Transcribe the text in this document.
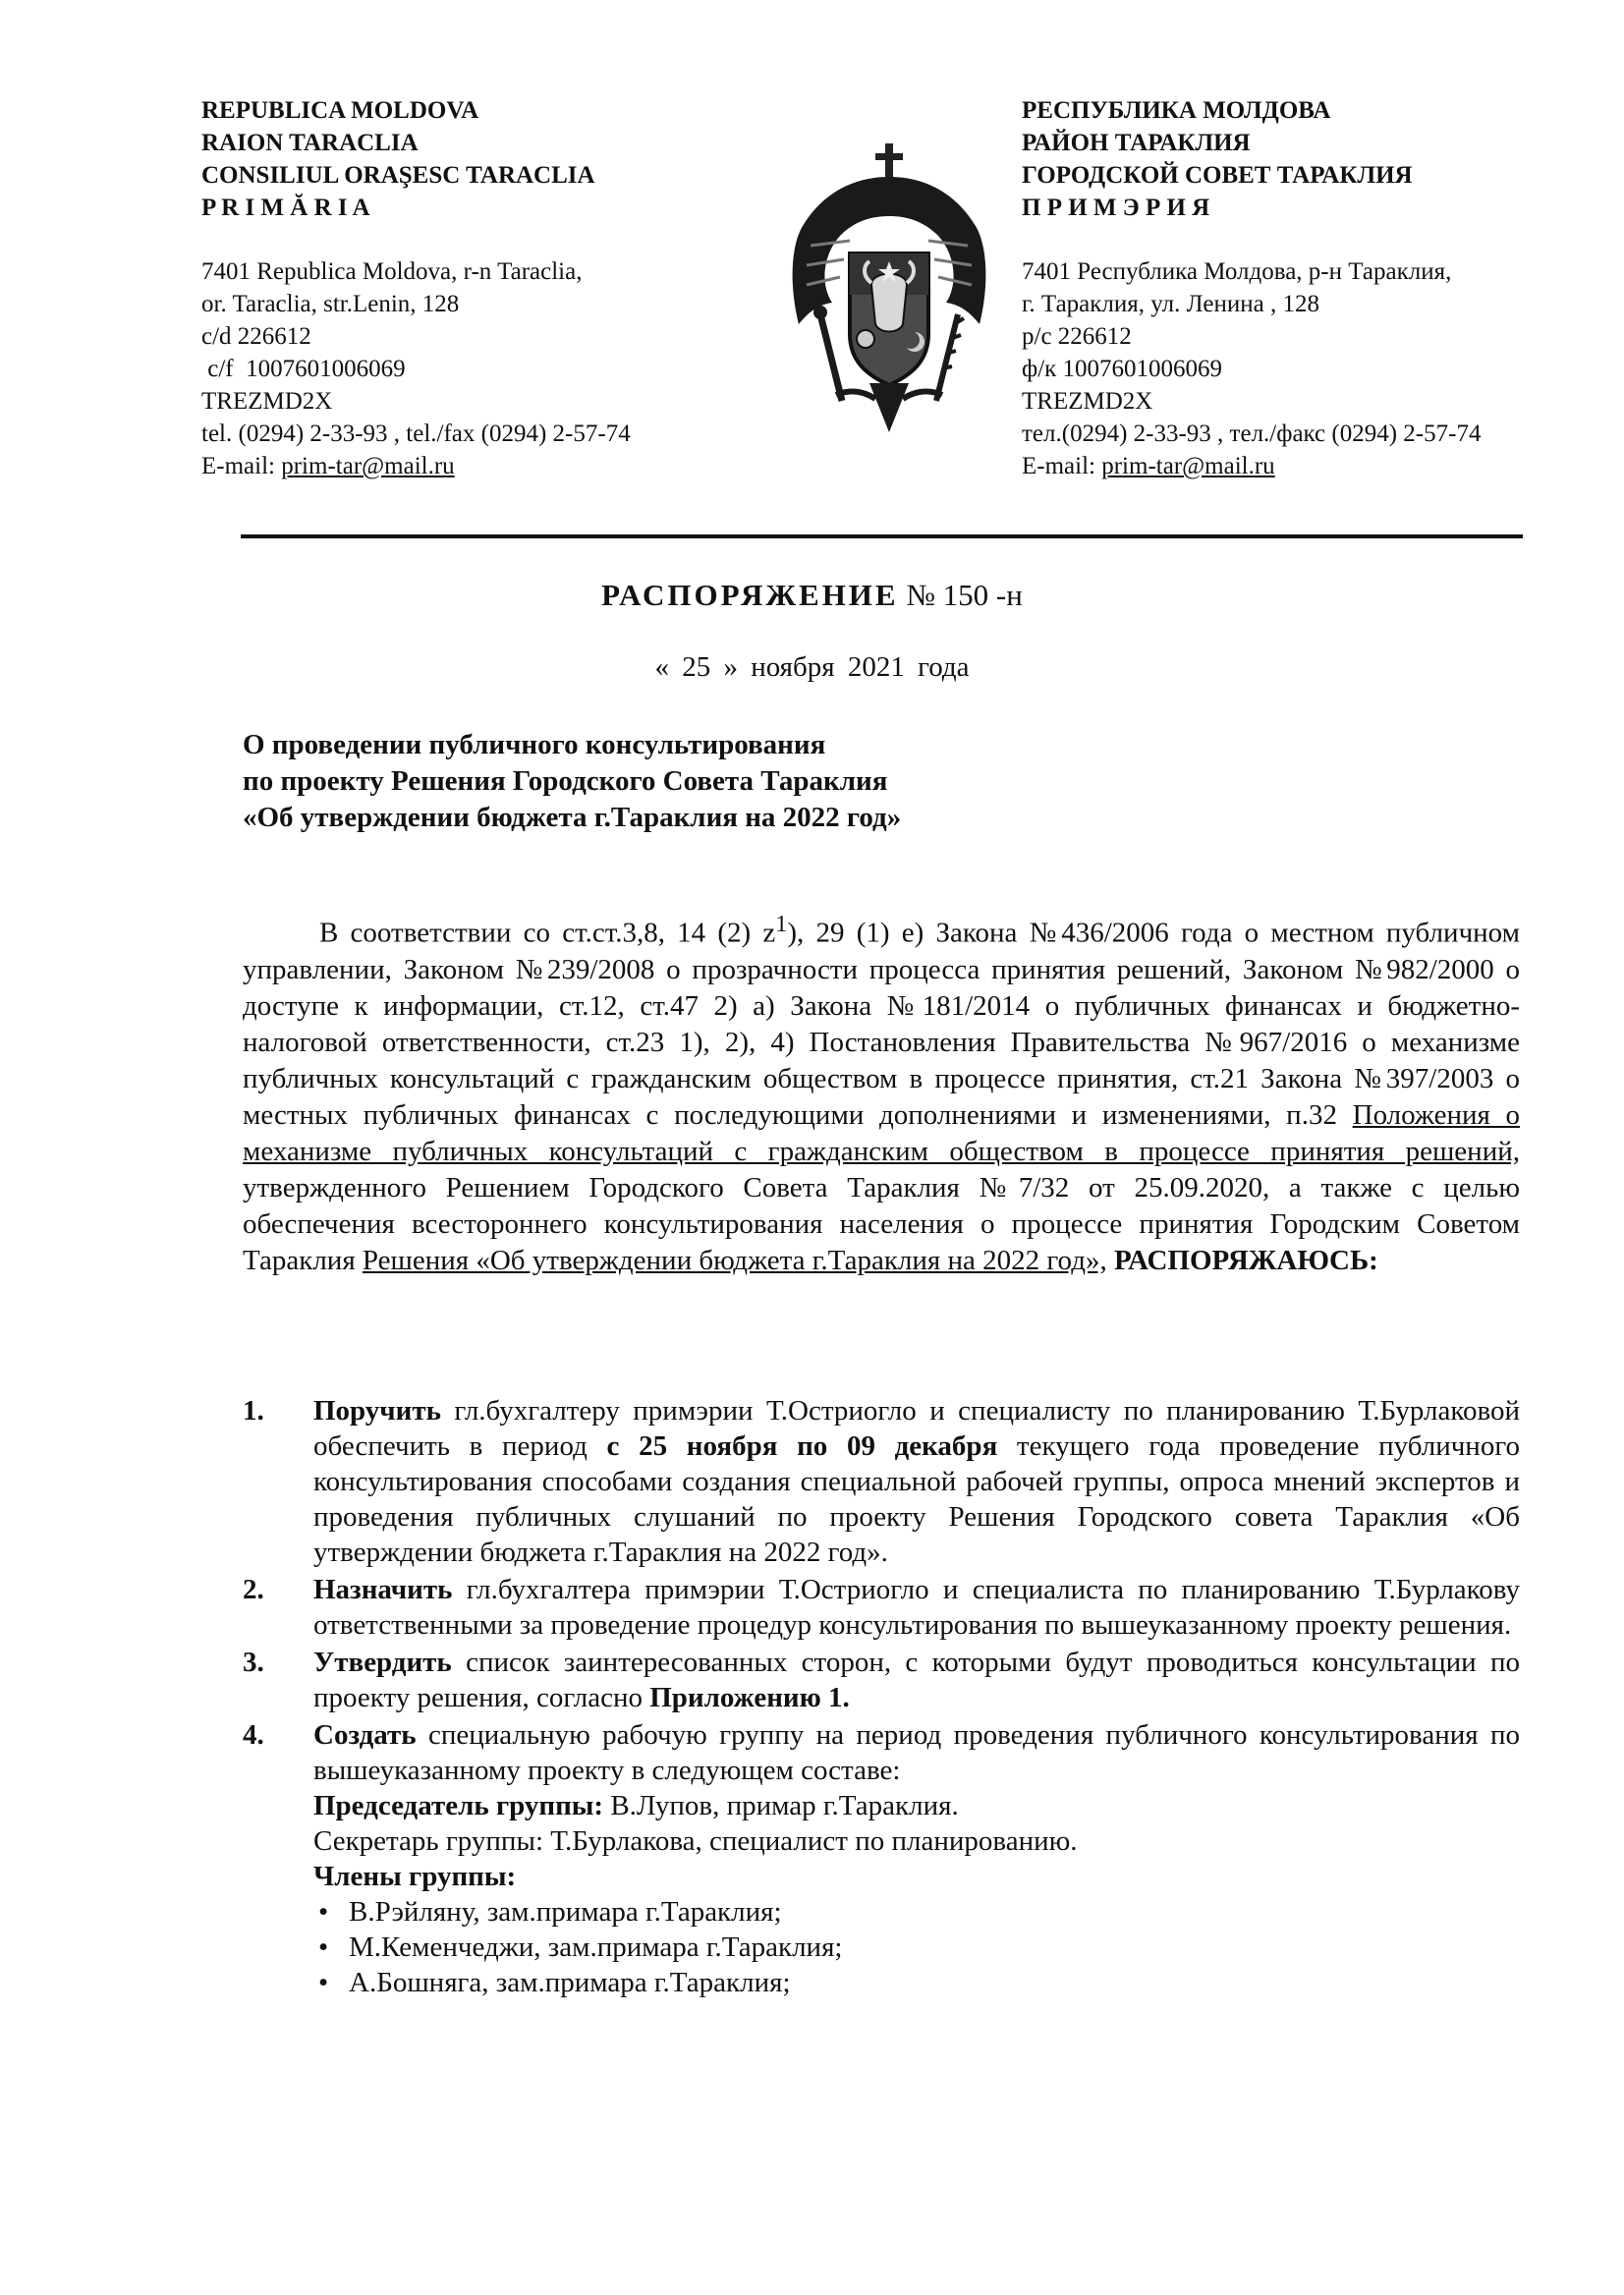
REPUBLICA MOLDOVA
RAION TARACLIA
CONSILIUL ORAŞESC TARACLIA
P R I M Ă R I A
7401 Republica Moldova, r-n Taraclia,
or. Taraclia, str.Lenin, 128
c/d 226612
c/f  1007601006069
TREZMD2X
tel. (0294) 2-33-93 , tel./fax (0294) 2-57-74
E-mail: prim-tar@mail.ru
РЕСПУБЛИКА МОЛДОВА
РАЙОН ТАРАКЛИЯ
ГОРОДСКОЙ СОВЕТ ТАРАКЛИЯ
П Р И М Э Р И Я
7401 Республика Молдова, р-н Тараклия,
г. Тараклия, ул. Ленина , 128
р/с 226612
ф/к 1007601006069
TREZMD2X
тел.(0294) 2-33-93 , тел./факс (0294) 2-57-74
E-mail: prim-tar@mail.ru
РАСПОРЯЖЕНИЕ № 150 -н
« 25 » ноября 2021 года
О проведении публичного консультирования
по проекту Решения Городского Совета Тараклия
«Об утверждении бюджета г.Тараклия на 2022 год»
В соответствии со ст.ст.3,8, 14 (2) $z^1$), 29 (1) е) Закона №436/2006 года о местном публичном управлении, Законом №239/2008 о прозрачности процесса принятия решений, Законом №982/2000 о доступе к информации, ст.12, ст.47 2) а) Закона №181/2014 о публичных финансах и бюджетно-налоговой ответственности, ст.23 1), 2), 4) Постановления Правительства №967/2016 о механизме публичных консультаций с гражданским обществом в процессе принятия, ст.21 Закона №397/2003 о местных публичных финансах с последующими дополнениями и изменениями, п.32 Положения о механизме публичных консультаций с гражданским обществом в процессе принятия решений, утвержденного Решением Городского Совета Тараклия №7/32 от 25.09.2020, а также с целью обеспечения всестороннего консультирования населения о процессе принятия Городским Советом Тараклия Решения «Об утверждении бюджета г.Тараклия на 2022 год», РАСПОРЯЖАЮСЬ:
1. Поручить гл.бухгалтеру примэрии Т.Остриогло и специалисту по планированию Т.Бурлаковой обеспечить в период с 25 ноября по 09 декабря текущего года проведение публичного консультирования способами создания специальной рабочей группы, опроса мнений экспертов и проведения публичных слушаний по проекту Решения Городского совета Тараклия «Об утверждении бюджета г.Тараклия на 2022 год».
2. Назначить гл.бухгалтера примэрии Т.Остриогло и специалиста по планированию Т.Бурлакову ответственными за проведение процедур консультирования по вышеуказанному проекту решения.
3. Утвердить список заинтересованных сторон, с которыми будут проводиться консультации по проекту решения, согласно Приложению 1.
4. Создать специальную рабочую группу на период проведения публичного консультирования по вышеуказанному проекту в следующем составе:
Председатель группы: В.Лупов, примар г.Тараклия.
Секретарь группы: Т.Бурлакова, специалист по планированию.
Члены группы:
• В.Рэйляну, зам.примара г.Тараклия;
• М.Кеменчеджи, зам.примара г.Тараклия;
• А.Бошняга, зам.примара г.Тараклия;
